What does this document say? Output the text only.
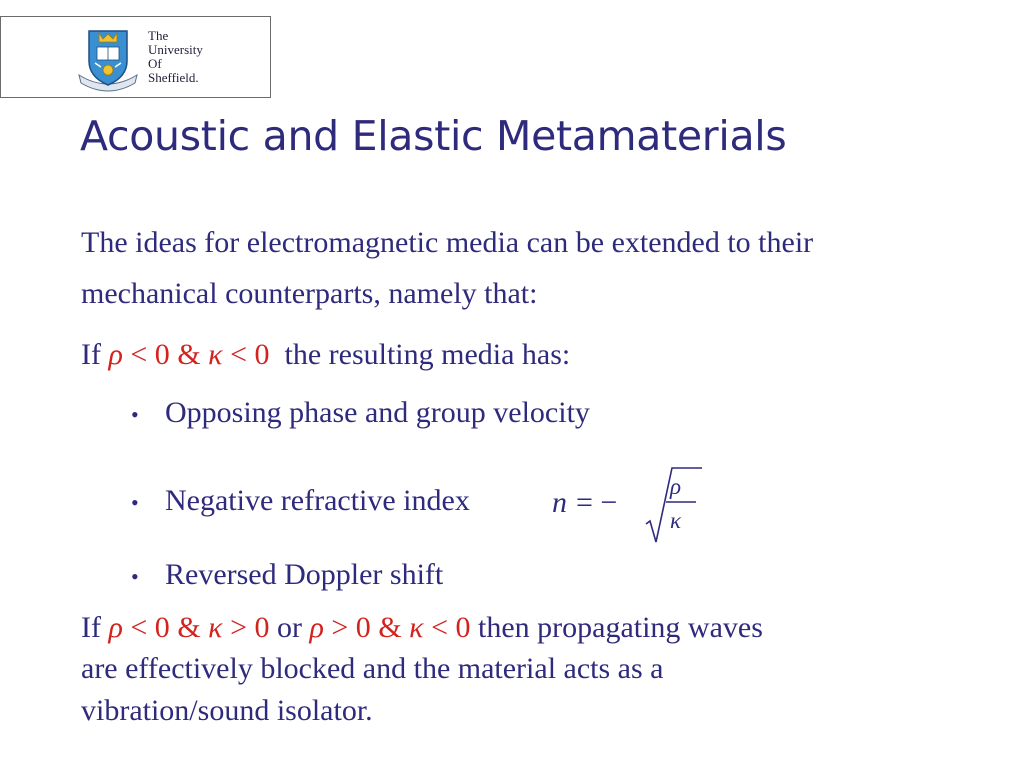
The
University
Of
Sheffield.
Acoustic and Elastic Metamaterials
The ideas for electromagnetic media can be extended to their
mechanical counterparts, namely that:
If ρ < 0 & κ < 0 the resulting media has:
• Opposing phase and group velocity
• Negative refractive index	n = − ρ
κ
• Reversed Doppler shift
If ρ < 0 & κ > 0 or ρ > 0 & κ < 0 then propagating waves
are effectively blocked and the material acts as a
vibration/sound isolator.
